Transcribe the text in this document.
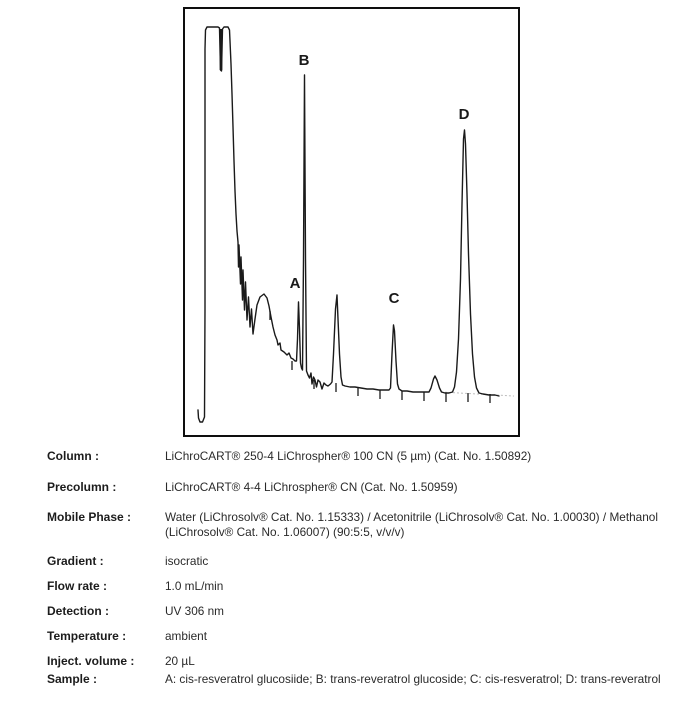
A
B
C
D
Column :	LiChroCART® 250-4 LiChrospher® 100 CN (5 µm) (Cat. No. 1.50892)
Precolumn :	LiChroCART® 4-4 LiChrospher® CN (Cat. No. 1.50959)
Mobile Phase :	Water (LiChrosolv® Cat. No. 1.15333) / Acetonitrile (LiChrosolv® Cat. No. 1.00030) / Methanol (LiChrosolv® Cat. No. 1.06007) (90:5:5, v/v/v)
Gradient :	isocratic
Flow rate :	1.0 mL/min
Detection :	UV 306 nm
Temperature :	ambient
Inject. volume :	20 µL
Sample :	A: cis-resveratrol glucosiide; B: trans-reveratrol glucoside; C: cis-resveratrol; D: trans-reveratrol
